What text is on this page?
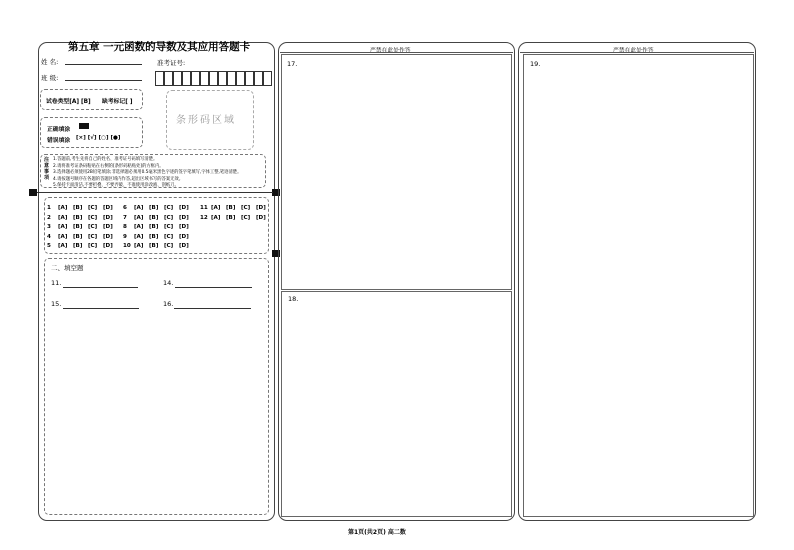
第五章 一元函数的导数及其应用答题卡
姓 名:
班 级:
准考证号:
试卷类型[A] [B] 缺考标记[ ]
正确填涂
错误填涂 [×] [√] [○] [●]
条形码区域
注意事项
1.答题前,考生先将自己的姓名、准考证号码填写清楚。
2.请将准考证条码粘贴在右侧的[条形码粘贴处]的方框内。
3.选择题必须使用2B铅笔填涂;非选择题必须用0.5毫米黑色字迹的签字笔填写,字体工整,笔迹清楚。
4.请按题号顺序在各题的答题区域内作答,超出区域书写的答案无效。
5.保持卡面清洁,不要折叠、不要弄破、不准使用涂改液、刮纸刀。
1 [A] [B] [C] [D]
2 [A] [B] [C] [D]
3 [A] [B] [C] [D]
4 [A] [B] [C] [D]
5 [A] [B] [C] [D]
6 [A] [B] [C] [D]
7 [A] [B] [C] [D]
8 [A] [B] [C] [D]
9 [A] [B] [C] [D]
10 [A] [B] [C] [D]
11 [A] [B] [C] [D]
12 [A] [B] [C] [D]
二、填空题
11.	14.
15.	16.
严禁在此处作答
17.
18.
严禁在此处作答
19.
第1页(共2页) 高二数
